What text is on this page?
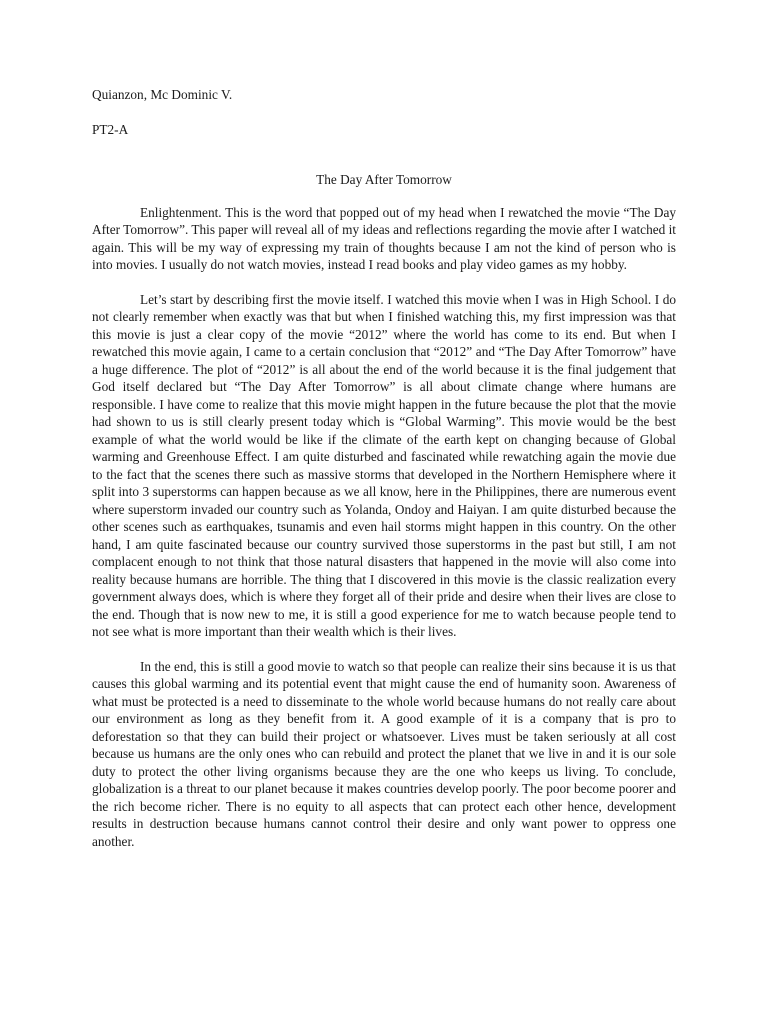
Quianzon, Mc Dominic V.

PT2-A

The Day After Tomorrow

Enlightenment. This is the word that popped out of my head when I rewatched the movie “The Day After Tomorrow”. This paper will reveal all of my ideas and reflections regarding the movie after I watched it again. This will be my way of expressing my train of thoughts because I am not the kind of person who is into movies. I usually do not watch movies, instead I read books and play video games as my hobby.

Let’s start by describing first the movie itself. I watched this movie when I was in High School. I do not clearly remember when exactly was that but when I finished watching this, my first impression was that this movie is just a clear copy of the movie “2012” where the world has come to its end. But when I rewatched this movie again, I came to a certain conclusion that “2012” and “The Day After Tomorrow” have a huge difference. The plot of “2012” is all about the end of the world because it is the final judgement that God itself declared but “The Day After Tomorrow” is all about climate change where humans are responsible. I have come to realize that this movie might happen in the future because the plot that the movie had shown to us is still clearly present today which is “Global Warming”. This movie would be the best example of what the world would be like if the climate of the earth kept on changing because of Global warming and Greenhouse Effect. I am quite disturbed and fascinated while rewatching again the movie due to the fact that the scenes there such as massive storms that developed in the Northern Hemisphere where it split into 3 superstorms can happen because as we all know, here in the Philippines, there are numerous event where superstorm invaded our country such as Yolanda, Ondoy and Haiyan. I am quite disturbed because the other scenes such as earthquakes, tsunamis and even hail storms might happen in this country. On the other hand, I am quite fascinated because our country survived those superstorms in the past but still, I am not complacent enough to not think that those natural disasters that happened in the movie will also come into reality because humans are horrible. The thing that I discovered in this movie is the classic realization every government always does, which is where they forget all of their pride and desire when their lives are close to the end. Though that is now new to me, it is still a good experience for me to watch because people tend to not see what is more important than their wealth which is their lives.

In the end, this is still a good movie to watch so that people can realize their sins because it is us that causes this global warming and its potential event that might cause the end of humanity soon. Awareness of what must be protected is a need to disseminate to the whole world because humans do not really care about our environment as long as they benefit from it. A good example of it is a company that is pro to deforestation so that they can build their project or whatsoever. Lives must be taken seriously at all cost because us humans are the only ones who can rebuild and protect the planet that we live in and it is our sole duty to protect the other living organisms because they are the one who keeps us living. To conclude, globalization is a threat to our planet because it makes countries develop poorly. The poor become poorer and the rich become richer. There is no equity to all aspects that can protect each other hence, development results in destruction because humans cannot control their desire and only want power to oppress one another.
